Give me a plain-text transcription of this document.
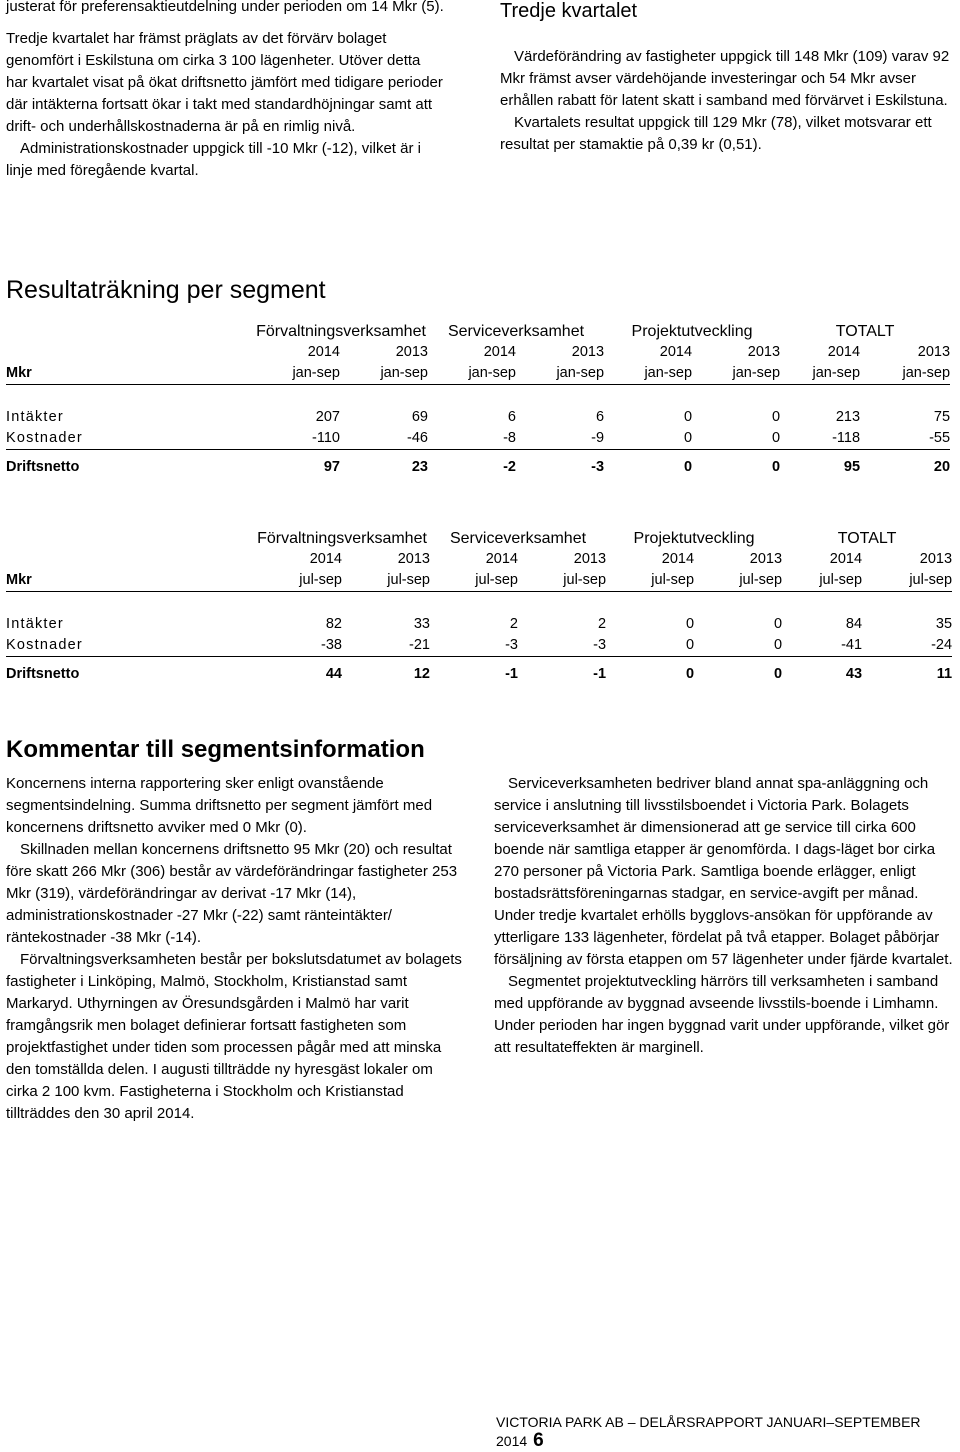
justerat för preferensaktieutdelning under perioden om 14 Mkr (5).

Tredje kvartalet har främst präglats av det förvärv bolaget genomfört i Eskilstuna om cirka 3 100 lägenheter. Utöver detta har kvartalet visat på ökat driftsnetto jämfört med tidigare perioder där intäkterna fortsatt ökar i takt med standardhöjningar samt att drift- och underhållskostnaderna är på en rimlig nivå.

Administrationskostnader uppgick till -10 Mkr (-12), vilket är i linje med föregående kvartal.

Tredje kvartalet

Värdeförändring av fastigheter uppgick till 148 Mkr (109) varav 92 Mkr främst avser värdehöjande investeringar och 54 Mkr avser erhållen rabatt för latent skatt i samband med förvärvet i Eskilstuna.

Kvartalets resultat uppgick till 129 Mkr (78), vilket motsvarar ett resultat per stamaktie på 0,39 kr (0,51).

Resultaträkning per segment
	Förvaltningsverksamhet		Serviceverksamhet		Projektutveckling		TOTALT	
	2014	2013	2014	2013	2014	2013	2014	2013
Mkr	jan-sep	jan-sep	jan-sep	jan-sep	jan-sep	jan-sep	jan-sep	jan-sep

Intäkter	207	69	6	6	0	0	213	75
Kostnader	-110	-46	-8	-9	0	0	-118	-55
Driftsnetto	97	23	-2	-3	0	0	95	20
	Förvaltningsverksamhet		Serviceverksamhet		Projektutveckling		TOTALT	
	2014	2013	2014	2013	2014	2013	2014	2013
Mkr	jul-sep	jul-sep	jul-sep	jul-sep	jul-sep	jul-sep	jul-sep	jul-sep

Intäkter	82	33	2	2	0	0	84	35
Kostnader	-38	-21	-3	-3	0	0	-41	-24
Driftsnetto	44	12	-1	-1	0	0	43	11
Kommentar till segmentsinformation

Koncernens interna rapportering sker enligt ovanstående segmentsindelning. Summa driftsnetto per segment jämfört med koncernens driftsnetto avviker med 0 Mkr (0).

Skillnaden mellan koncernens driftsnetto 95 Mkr (20) och resultat före skatt 266 Mkr (306) består av värdeförändringar fastigheter 253 Mkr (319), värdeförändringar av derivat -17 Mkr (14), administrationskostnader -27 Mkr (-22) samt ränteintäkter/ räntekostnader -38 Mkr (-14).

Förvaltningsverksamheten består per bokslutsdatumet av bolagets fastigheter i Linköping, Malmö, Stockholm, Kristianstad samt Markaryd. Uthyrningen av Öresundsgården i Malmö har varit framgångsrik men bolaget definierar fortsatt fastigheten som projektfastighet under tiden som processen pågår med att minska den tomställda delen. I augusti tillträdde ny hyresgäst lokaler om cirka 2 100 kvm. Fastigheterna i Stockholm och Kristianstad tillträddes den 30 april 2014.

Serviceverksamheten bedriver bland annat spa-anläggning och service i anslutning till livsstilsboendet i Victoria Park. Bolagets serviceverksamhet är dimensionerad att ge service till cirka 600 boende när samtliga etapper är genomförda. I dags-läget bor cirka 270 personer på Victoria Park. Samtliga boende erlägger, enligt bostadsrättsföreningarnas stadgar, en service-avgift per månad. Under tredje kvartalet erhölls bygglovs-ansökan för uppförande av ytterligare 133 lägenheter, fördelat på två etapper. Bolaget påbörjar försäljning av första etappen om 57 lägenheter under fjärde kvartalet.

Segmentet projektutveckling härrörs till verksamheten i samband med uppförande av byggnad avseende livsstils-boende i Limhamn. Under perioden har ingen byggnad varit under uppförande, vilket gör att resultateffekten är marginell.

VICTORIA PARK AB – DELÅRSRAPPORT JANUARI–SEPTEMBER 2014 6
